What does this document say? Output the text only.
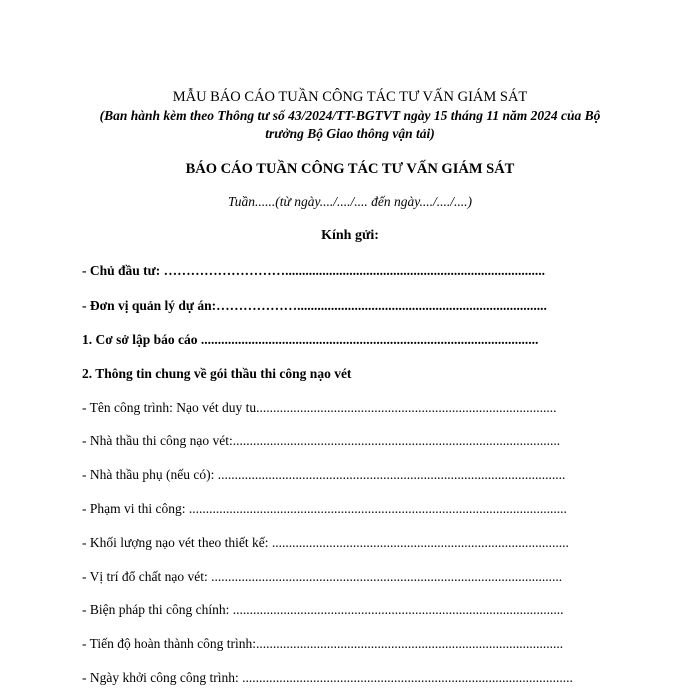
MẪU BÁO CÁO TUẦN CÔNG TÁC TƯ VẤN GIÁM SÁT
(Ban hành kèm theo Thông tư số 43/2024/TT-BGTVT ngày 15 tháng 11 năm 2024 của Bộ
trưởng Bộ Giao thông vận tải)
BÁO CÁO TUẦN CÔNG TÁC TƯ VẤN GIÁM SÁT
Tuần......(từ ngày..../..../.... đến ngày..../..../....)
Kính gửi:
- Chủ đầu tư: ……………………….............................................................................
- Đơn vị quản lý dự án:………………..........................................................................
1. Cơ sở lập báo cáo ....................................................................................................
2. Thông tin chung về gói thầu thi công nạo vét
- Tên công trình: Nạo vét duy tu.........................................................................................
- Nhà thầu thi công nạo vét:.................................................................................................
- Nhà thầu phụ (nếu có): .......................................................................................................
- Phạm vi thi công: ................................................................................................................
- Khối lượng nạo vét theo thiết kế: ........................................................................................
- Vị trí đổ chất nạo vét: ........................................................................................................
- Biện pháp thi công chính: ..................................................................................................
- Tiến độ hoàn thành công trình:...........................................................................................
- Ngày khởi công công trình: ..................................................................................................
